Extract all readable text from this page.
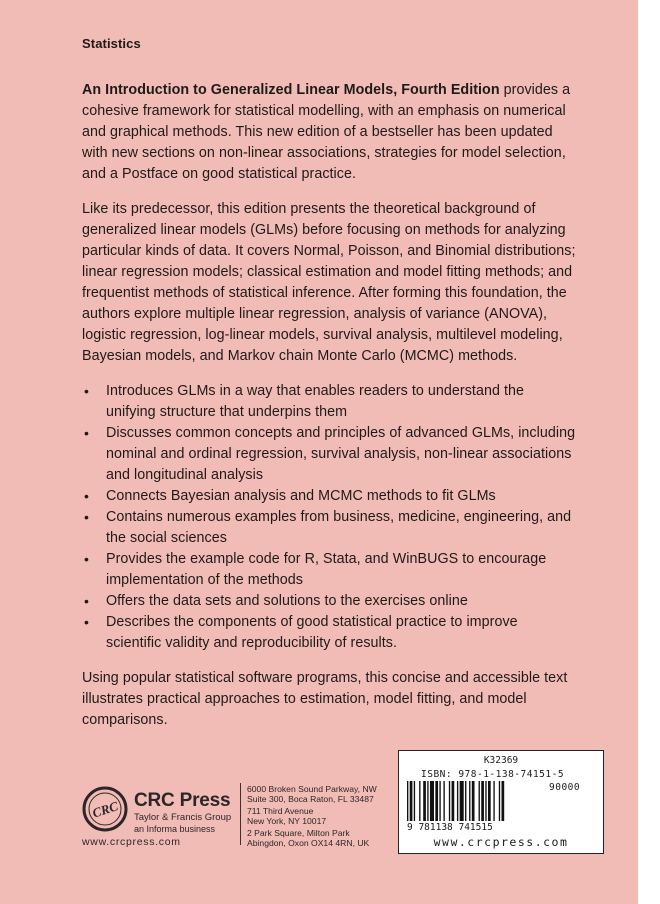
Statistics

An Introduction to Generalized Linear Models, Fourth Edition provides a cohesive framework for statistical modelling, with an emphasis on numerical and graphical methods. This new edition of a bestseller has been updated with new sections on non-linear associations, strategies for model selection, and a Postface on good statistical practice.

Like its predecessor, this edition presents the theoretical background of generalized linear models (GLMs) before focusing on methods for analyzing particular kinds of data. It covers Normal, Poisson, and Binomial distributions; linear regression models; classical estimation and model fitting methods; and frequentist methods of statistical inference. After forming this foundation, the authors explore multiple linear regression, analysis of variance (ANOVA), logistic regression, log-linear models, survival analysis, multilevel modeling, Bayesian models, and Markov chain Monte Carlo (MCMC) methods.

• Introduces GLMs in a way that enables readers to understand the unifying structure that underpins them
• Discusses common concepts and principles of advanced GLMs, including nominal and ordinal regression, survival analysis, non-linear associations and longitudinal analysis
• Connects Bayesian analysis and MCMC methods to fit GLMs
• Contains numerous examples from business, medicine, engineering, and the social sciences
• Provides the example code for R, Stata, and WinBUGS to encourage implementation of the methods
• Offers the data sets and solutions to the exercises online
• Describes the components of good statistical practice to improve scientific validity and reproducibility of results.

Using popular statistical software programs, this concise and accessible text illustrates practical approaches to estimation, model fitting, and model comparisons.

CRC CRC Press
Taylor & Francis Group
an Informa business
www.crcpress.com
6000 Broken Sound Parkway, NW
Suite 300, Boca Raton, FL 33487
711 Third Avenue
New York, NY 10017
2 Park Square, Milton Park
Abingdon, Oxon OX14 4RN, UK
K32369
ISBN: 978-1-138-74151-5
90000
9 781138 741515
www.crcpress.com
